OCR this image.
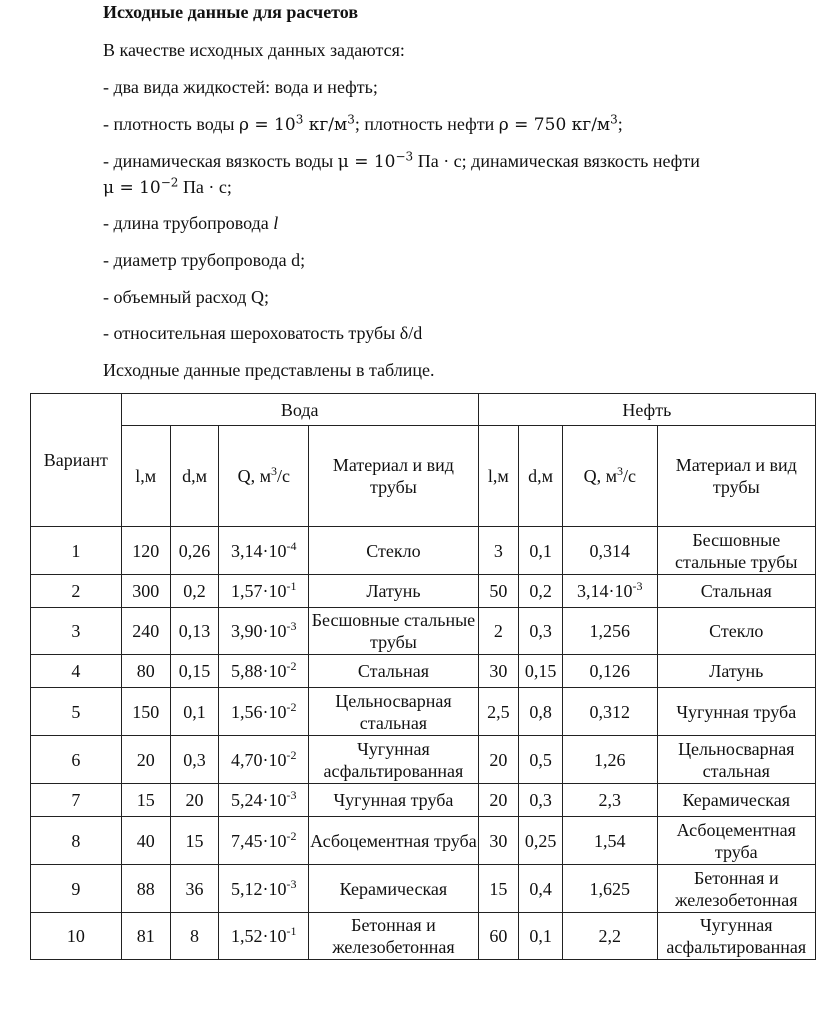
Исходные данные для расчетов
В качестве исходных данных задаются:
- два вида жидкостей: вода и нефть;
- плотность воды $\rho = 10^3$ $кг/м^3$; плотность нефти ρ = 750 $кг/м^3$;
- динамическая вязкость воды $\mu = 10^{-3}$ Па · с; динамическая вязкость нефти
$\mu = 10^{-2}$ Па · с;
- длина трубопровода l
- диаметр трубопровода d;
- объемный расход Q;
- относительная шероховатость трубы δ/d
Исходные данные представлены в таблице.
Вариант	Вода				Нефть			
	l,м	d,м	Q, $м^3/с$	Материал и вид трубы	l,м	d,м	Q, $м^3/с$	Материал и вид трубы
1	120	0,26	$3,14\cdot 10^{-4}$	Стекло	3	0,1	0,314	Бесшовные стальные трубы
2	300	0,2	$1,57\cdot 10^{-1}$	Латунь	50	0,2	$3,14\cdot 10^{-3}$	Стальная
3	240	0,13	$3,90\cdot 10^{-3}$	Бесшовные стальные трубы	2	0,3	1,256	Стекло
4	80	0,15	$5,88\cdot 10^{-2}$	Стальная	30	0,15	0,126	Латунь
5	150	0,1	$1,56\cdot 10^{-2}$	Цельносварная стальная	2,5	0,8	0,312	Чугунная труба
6	20	0,3	$4,70\cdot 10^{-2}$	Чугунная асфальтированная	20	0,5	1,26	Цельносварная стальная
7	15	20	$5,24\cdot 10^{-3}$	Чугунная труба	20	0,3	2,3	Керамическая
8	40	15	$7,45\cdot 10^{-2}$	Асбоцементная труба	30	0,25	1,54	Асбоцементная труба
9	88	36	$5,12\cdot 10^{-3}$	Керамическая	15	0,4	1,625	Бетонная и железобетонная
10	81	8	$1,52\cdot 10^{-1}$	Бетонная и железобетонная	60	0,1	2,2	Чугунная асфальтированная
